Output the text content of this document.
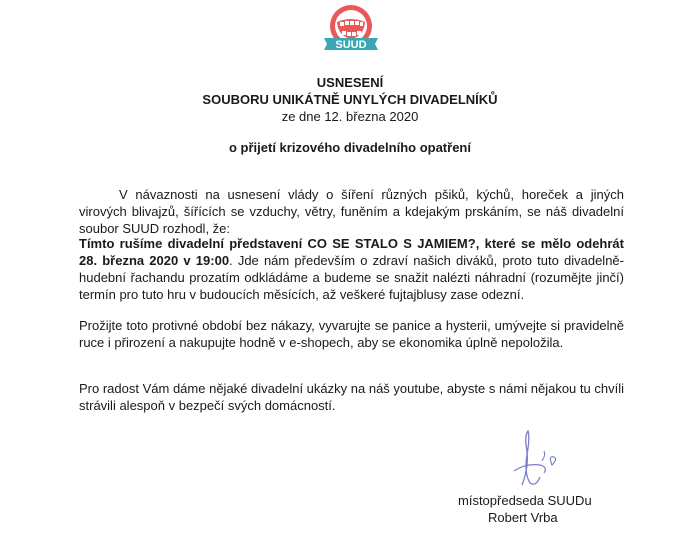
SUUD
USNESENÍ
SOUBORU UNIKÁTNĚ UNYLÝCH DIVADELNÍKŮ
ze dne 12. března 2020
o přijetí krizového divadelního opatření

V návaznosti na usnesení vlády o šíření různých pšiků, kýchů, horeček a jiných virových blivajzů, šířících se vzduchy, větry, funěním a kdejakým prskáním, se náš divadelní soubor SUUD rozhodl, že:

Tímto rušíme divadelní představení CO SE STALO S JAMIEM?, které se mělo odehrát 28. března 2020 v 19:00. Jde nám především o zdraví našich diváků, proto tuto divadelně-hudební řachandu prozatím odkládáme a budeme se snažit nalézti náhradní (rozumějte jinčí) termín pro tuto hru v budoucích měsících, až veškeré fujtajblusy zase odezní.

Prožijte toto protivné období bez nákazy, vyvarujte se panice a hysterii, umývejte si pravidelně ruce i přirození a nakupujte hodně v e-shopech, aby se ekonomika úplně nepoložila.

Pro radost Vám dáme nějaké divadelní ukázky na náš youtube, abyste s námi nějakou tu chvíli strávili alespoň v bezpečí svých domácností.

místopředseda SUUDu
Robert Vrba
